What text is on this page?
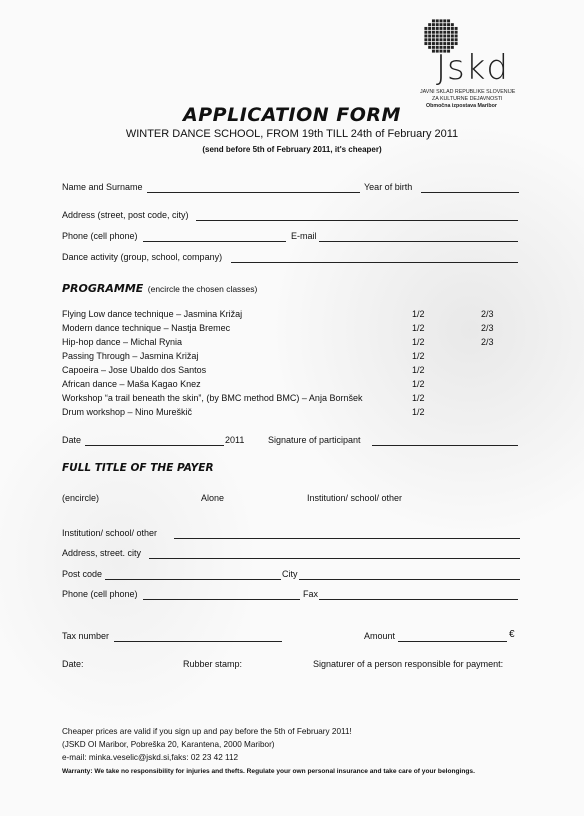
Jskd
JAVNI SKLAD REPUBLIKE SLOVENIJE
ZA KULTURNE DEJAVNOSTI
Območna izpostava Maribor
APPLICATION FORM
WINTER DANCE SCHOOL, FROM 19th TILL 24th of February 2011
(send before 5th of February 2011, it's cheaper)
Name and Surname	Year of birth
Address (street, post code, city)
Phone (cell phone)	E-mail
Dance activity (group, school, company)
PROGRAMME (encircle the chosen classes)
Flying Low dance technique – Jasmina Križaj	1/2	2/3
Modern dance technique – Nastja Bremec	1/2	2/3
Hip-hop dance – Michal Rynia	1/2	2/3
Passing Through – Jasmina Križaj	1/2
Capoeira – Jose Ubaldo dos Santos	1/2
African dance – Maša Kagao Knez	1/2
Workshop “a trail beneath the skin”, (by BMC method BMC) – Anja Bornšek	1/2
Drum workshop – Nino Mureškič	1/2
Date	2011	Signature of participant
FULL TITLE OF THE PAYER
(encircle)	Alone	Institution/ school/ other
Institution/ school/ other
Address, street. city
Post code	City
Phone (cell phone)	Fax
Tax number	Amount	€
Date:	Rubber stamp:	Signaturer of a person responsible for payment:
Cheaper prices are valid if you sign up and pay before the 5th of February 2011!
(JSKD OI Maribor, Pobreška 20, Karantena, 2000 Maribor)
e-mail: minka.veselic@jskd.si,faks: 02 23 42 112
Warranty: We take no responsibility for injuries and thefts. Regulate your own personal insurance and take care of your belongings.
